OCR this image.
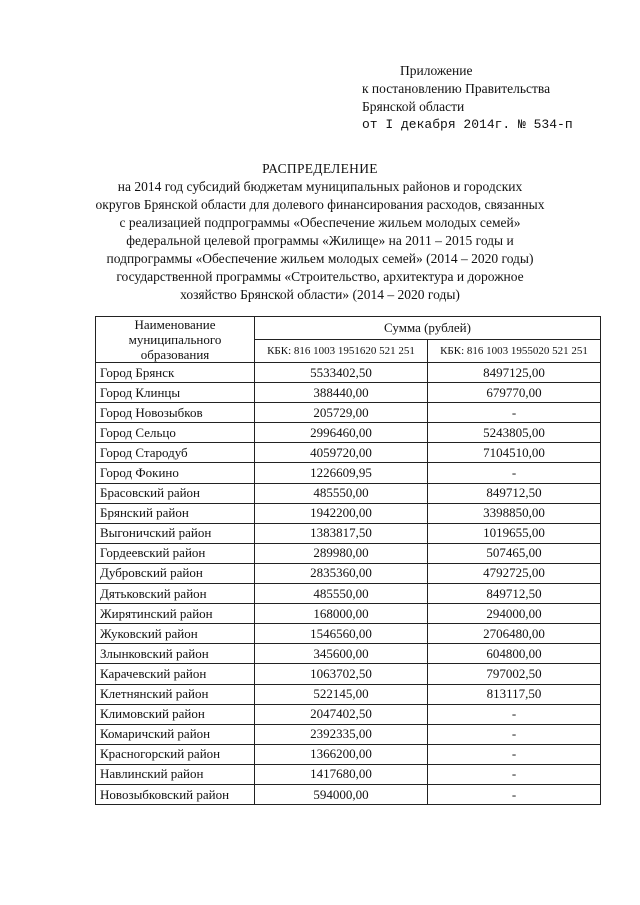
Приложение
к постановлению Правительства
Брянской области
от I декабря 2014г. № 534-п
РАСПРЕДЕЛЕНИЕ
на 2014 год субсидий бюджетам муниципальных районов и городских
округов Брянской области для долевого финансирования расходов, связанных
с реализацией подпрограммы «Обеспечение жильем молодых семей»
федеральной целевой программы «Жилище» на 2011 – 2015 годы и
подпрограммы «Обеспечение жильем молодых семей» (2014 – 2020 годы)
государственной программы «Строительство, архитектура и дорожное
хозяйство Брянской области» (2014 – 2020 годы)
Наименование муниципального образования	Сумма (рублей)	
	КБК: 816 1003 1951620 521 251	КБК: 816 1003 1955020 521 251
Город Брянск	5533402,50	8497125,00
Город Клинцы	388440,00	679770,00
Город Новозыбков	205729,00	-
Город Сельцо	2996460,00	5243805,00
Город Стародуб	4059720,00	7104510,00
Город Фокино	1226609,95	-
Брасовский район	485550,00	849712,50
Брянский район	1942200,00	3398850,00
Выгоничский район	1383817,50	1019655,00
Гордеевский район	289980,00	507465,00
Дубровский район	2835360,00	4792725,00
Дятьковский район	485550,00	849712,50
Жирятинский район	168000,00	294000,00
Жуковский район	1546560,00	2706480,00
Злынковский район	345600,00	604800,00
Карачевский район	1063702,50	797002,50
Клетнянский район	522145,00	813117,50
Климовский район	2047402,50	-
Комаричский район	2392335,00	-
Красногорский район	1366200,00	-
Навлинский район	1417680,00	-
Новозыбковский район	594000,00	-
